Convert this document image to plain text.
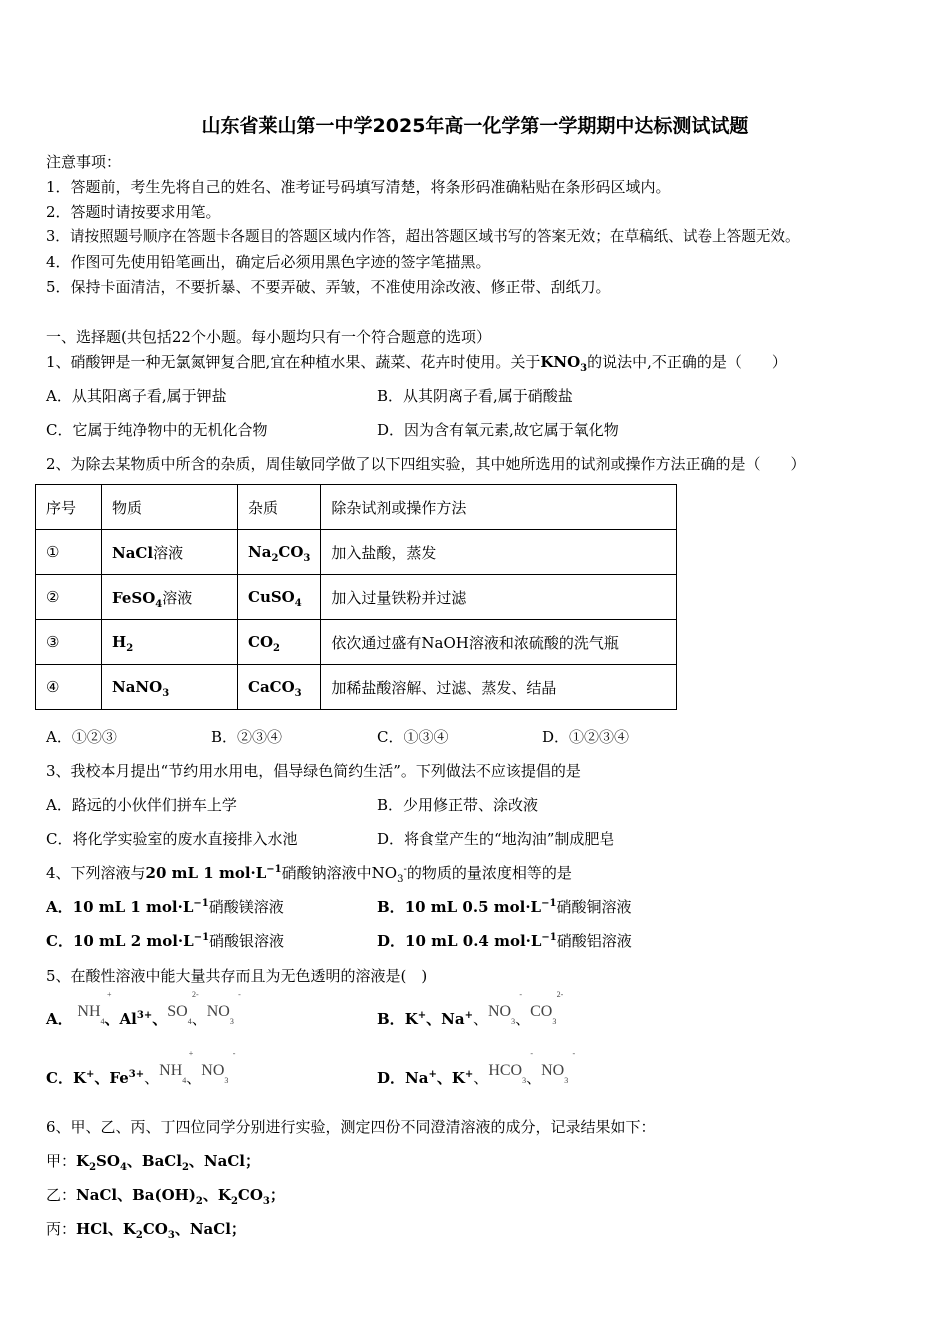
山东省莱山第一中学2025年高一化学第一学期期中达标测试试题
注意事项：
1．答题前，考生先将自己的姓名、准考证号码填写清楚，将条形码准确粘贴在条形码区域内。
2．答题时请按要求用笔。
3．请按照题号顺序在答题卡各题目的答题区域内作答，超出答题区域书写的答案无效；在草稿纸、试卷上答题无效。
4．作图可先使用铅笔画出，确定后必须用黑色字迹的签字笔描黑。
5．保持卡面清洁，不要折暴、不要弄破、弄皱，不准使用涂改液、修正带、刮纸刀。
一、选择题(共包括22个小题。每小题均只有一个符合题意的选项）
1、硝酸钾是一种无氯氮钾复合肥,宜在种植水果、蔬菜、花卉时使用。关于$KNO_3$的说法中,不正确的是（　　）
A．从其阳离子看,属于钾盐	B．从其阴离子看,属于硝酸盐
C．它属于纯净物中的无机化合物	D．因为含有氧元素,故它属于氧化物
2、为除去某物质中所含的杂质，周佳敏同学做了以下四组实验，其中她所选用的试剂或操作方法正确的是（　　）
序号	物质	杂质	除杂试剂或操作方法
①	NaCl溶液	$Na_2CO_3$	加入盐酸，蒸发
②	FeSO$_4$溶液	CuSO$_4$	加入过量铁粉并过滤
③	$H_2$	$CO_2$	依次通过盛有NaOH溶液和浓硫酸的洗气瓶
④	NaNO$_3$	CaCO$_3$	加稀盐酸溶解、过滤、蒸发、结晶
A．①②③	B．②③④	C．①③④	D．①②③④
3、我校本月提出“节约用水用电，倡导绿色简约生活”。下列做法不应该提倡的是
A．路远的小伙伴们拼车上学	B．少用修正带、涂改液
C．将化学实验室的废水直接排入水池	D．将食堂产生的“地沟油”制成肥皂
4、下列溶液与20 mL 1 $mol\cdot L^{-1}$硝酸钠溶液中$NO_3^-$的物质的量浓度相等的是
A．10 mL 1 $mol\cdot L^{-1}$硝酸镁溶液	B．10 mL 0.5 $mol\cdot L^{-1}$硝酸铜溶液
C．10 mL 2 $mol\cdot L^{-1}$硝酸银溶液	D．10 mL 0.4 $mol\cdot L^{-1}$硝酸铝溶液
5、在酸性溶液中能大量共存而且为无色透明的溶液是(　)
A． $NH_4$
+
、$Al^{3+}$、$SO_4$
2-
、$NO_3$
-
B．K+、Na+、$NO_3$
-
、$CO_3$
2-
C．K+、$Fe^{3+}$、$NH_4$
+
、$NO_3$
-
D．Na+、K+、$HCO_3$
-
、$NO_3$
-
6、甲、乙、丙、丁四位同学分别进行实验，测定四份不同澄清溶液的成分，记录结果如下：
甲：$K_2SO_4$、BaCl$_2$、NaCl；
乙：NaCl、$Ba(OH)_2$、$K_2CO_3$；
丙：HCl、$K_2CO_3$、NaCl；
